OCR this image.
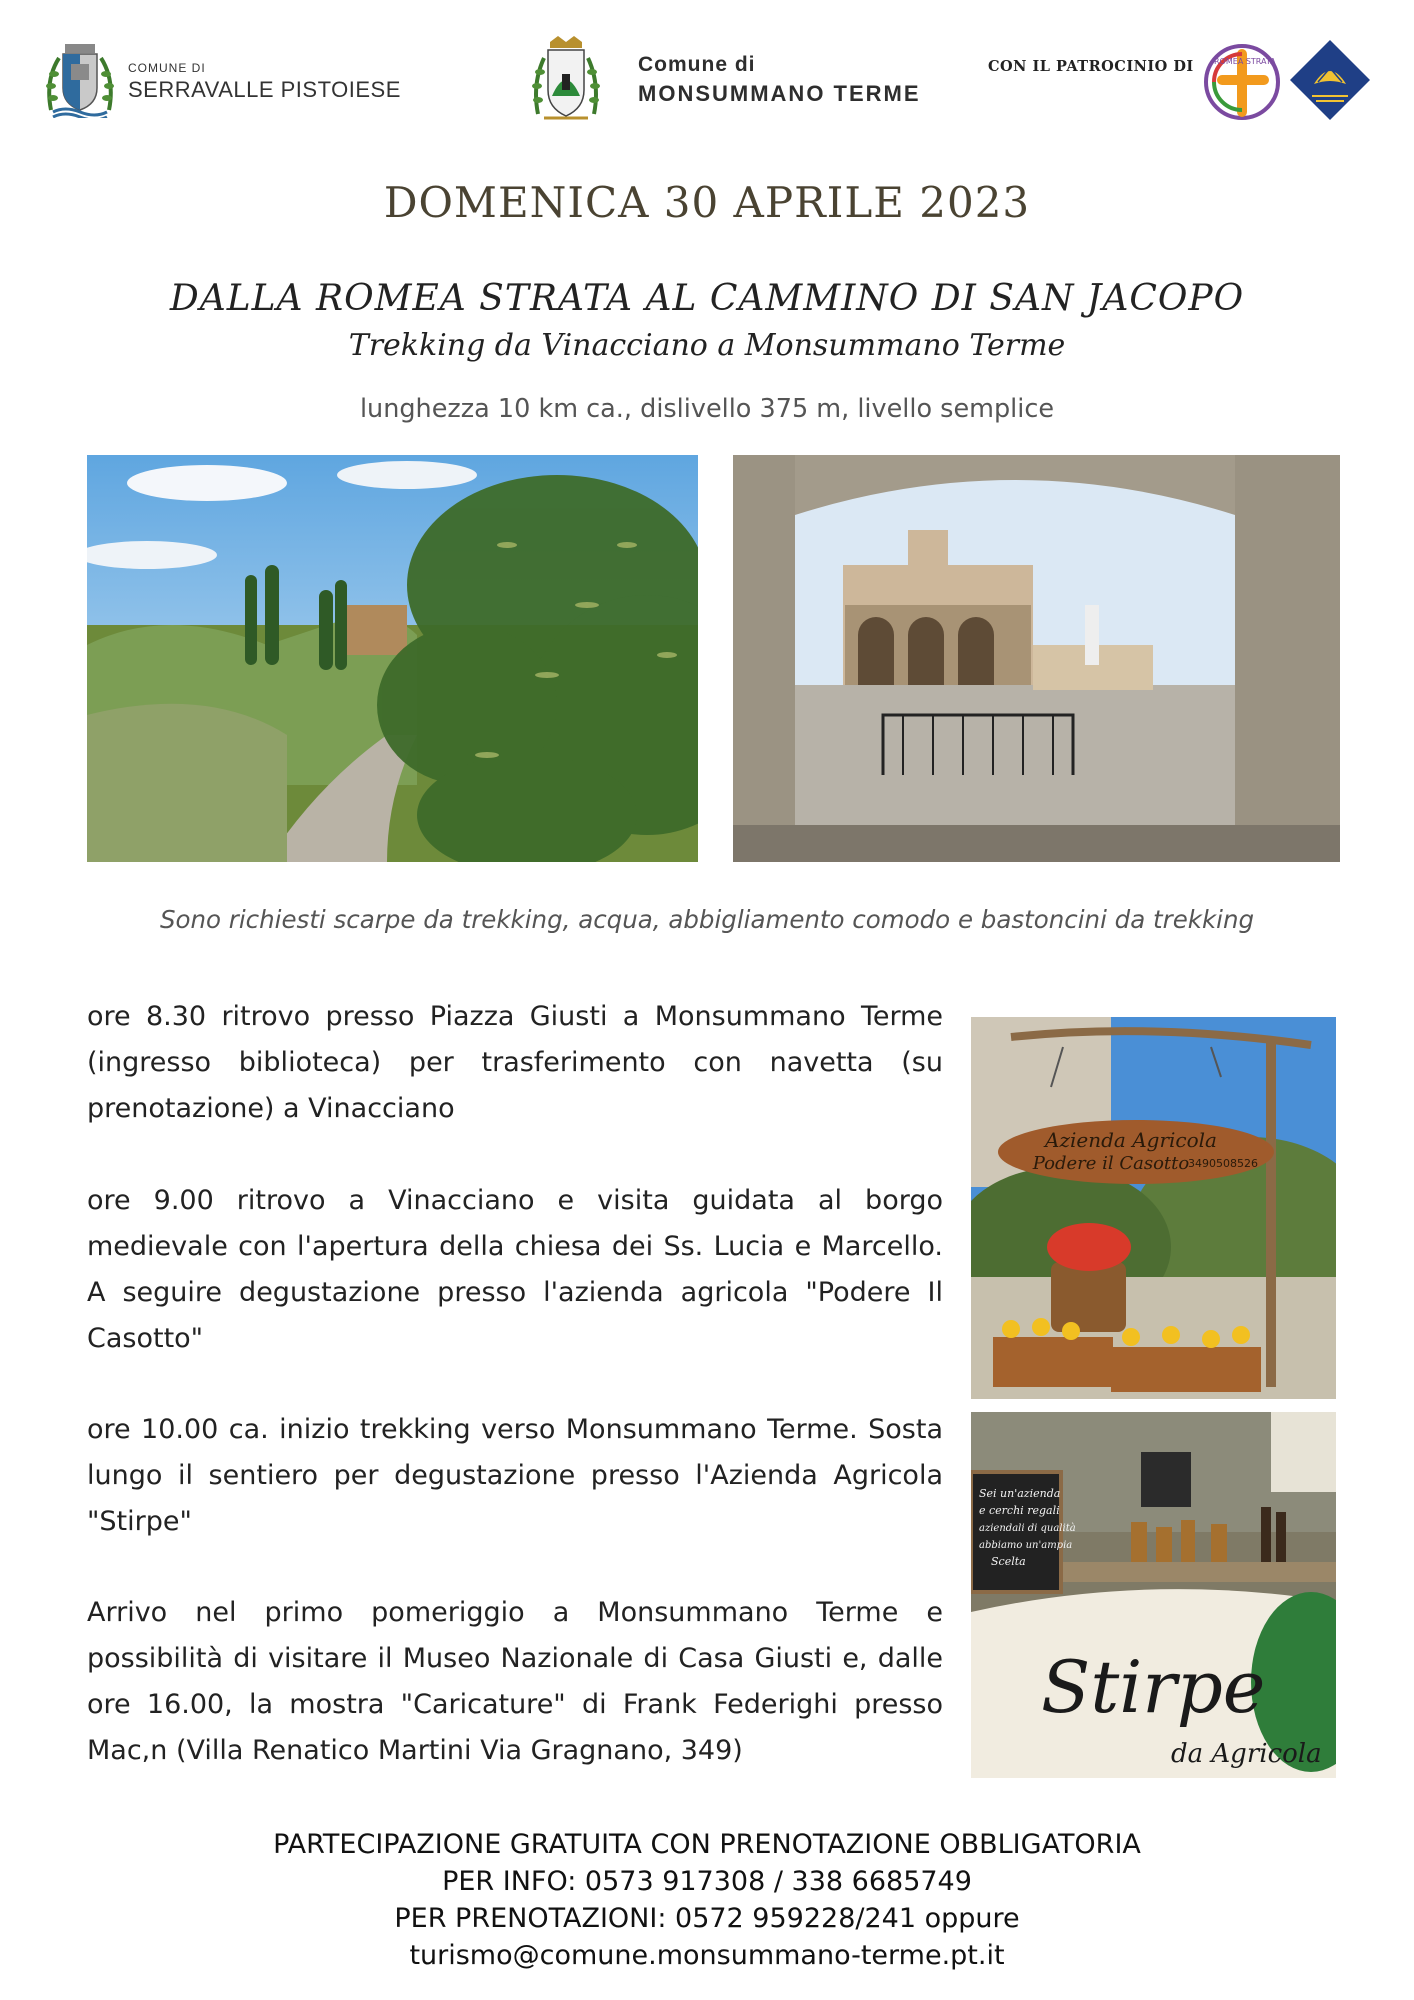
COMUNE DI
SERRAVALLE PISTOIESE
Comune di
MONSUMMANO TERME
CON IL PATROCINIO DI	ROMEA STRATA
DOMENICA 30 APRILE 2023
DALLA ROMEA STRATA AL CAMMINO DI SAN JACOPO
Trekking da Vinacciano a Monsummano Terme
lunghezza 10 km ca., dislivello 375 m, livello semplice
Sono richiesti scarpe da trekking, acqua, abbigliamento comodo e bastoncini da trekking
ore 8.30 ritrovo presso Piazza Giusti a Monsummano Terme (ingresso biblioteca) per trasferimento con navetta (su prenotazione) a Vinacciano
ore 9.00 ritrovo a Vinacciano e visita guidata al borgo medievale con l'apertura della chiesa dei Ss. Lucia e Marcello. A seguire degustazione presso l'azienda agricola "Podere Il Casotto"
ore 10.00 ca. inizio trekking verso Monsummano Terme. Sosta lungo il sentiero per degustazione presso l'Azienda Agricola "Stirpe"
Arrivo nel primo pomeriggio a Monsummano Terme e possibilità di visitare il Museo Nazionale di Casa Giusti e, dalle ore 16.00, la mostra "Caricature" di Frank Federighi presso Mac,n (Villa Renatico Martini Via Gragnano, 349)
Azienda Agricola
Podere il Casotto
3490508526
Sei un'azienda
e cerchi regali
aziendali di qualità
abbiamo un'ampia
Scelta
Stirpe
da Agricola
PARTECIPAZIONE GRATUITA CON PRENOTAZIONE OBBLIGATORIA
PER INFO: 0573 917308 / 338 6685749
PER PRENOTAZIONI: 0572 959228/241 oppure
turismo@comune.monsummano-terme.pt.it
